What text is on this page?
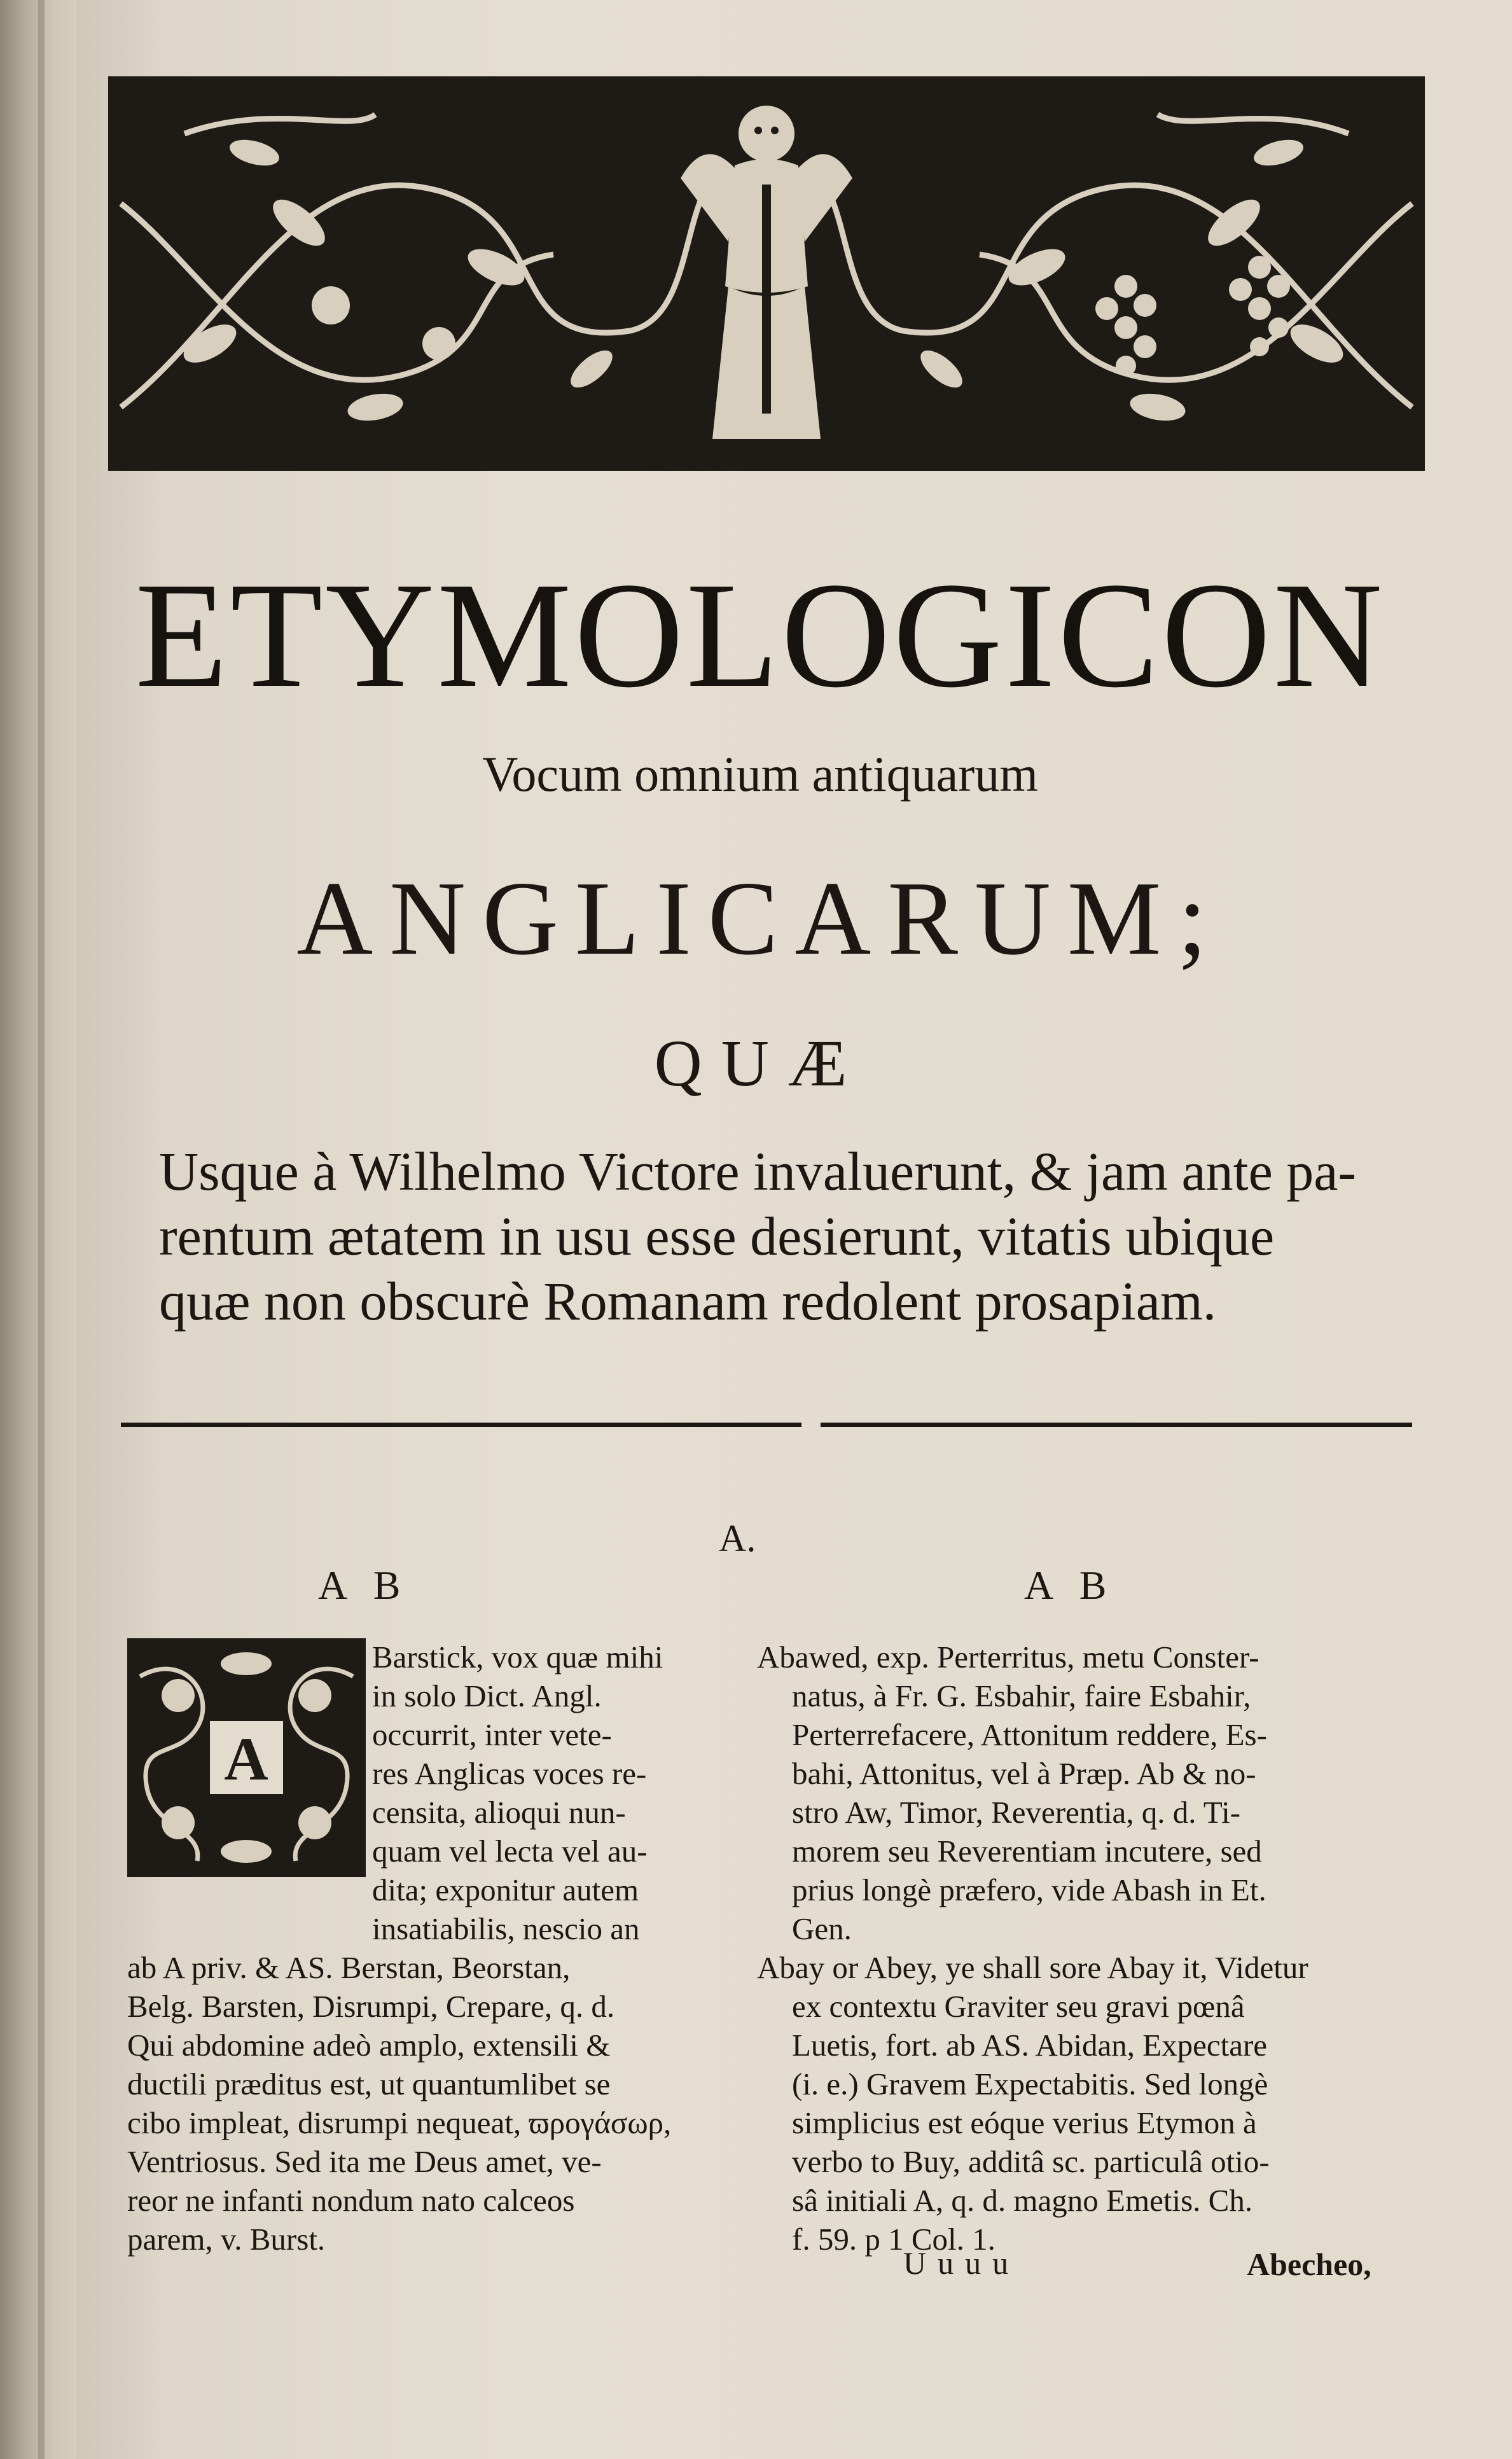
ETYMOLOGICON
Vocum omnium antiquarum
ANGLICARUM;
QUÆ
Usque à Wilhelmo Victore invaluerunt, & jam ante pa-
rentum ætatem in usu esse desierunt, vitatis ubique
quæ non obscurè Romanam redolent prosapiam.
A.
A B	A B
A
Barstick, vox quæ mihi
in solo Dict. Angl.
occurrit, inter vete-
res Anglicas voces re-
censita, alioqui nun-
quam vel lecta vel au-
dita; exponitur autem
insatiabilis, nescio an
ab A priv. & AS. Berstan, Beorstan,
Belg. Barsten, Disrumpi, Crepare, q. d.
Qui abdomine adeò amplo, extensili &
ductili præditus est, ut quantumlibet se
cibo impleat, disrumpi nequeat, ϖρογάσωρ,
Ventriosus. Sed ita me Deus amet, ve-
reor ne infanti nondum nato calceos
parem, v. Burst.
Abawed, exp. Perterritus, metu Conster-
natus, à Fr. G. Esbahir, faire Esbahir,
Perterrefacere, Attonitum reddere, Es-
bahi, Attonitus, vel à Præp. Ab & no-
stro Aw, Timor, Reverentia, q. d. Ti-
morem seu Reverentiam incutere, sed
prius longè præfero, vide Abash in Et.
Gen.
Abay or Abey, ye shall sore Abay it, Videtur
ex contextu Graviter seu gravi pœnâ
Luetis, fort. ab AS. Abidan, Expectare
(i. e.) Gravem Expectabitis. Sed longè
simplicius est eóque verius Etymon à
verbo to Buy, additâ sc. particulâ otio-
sâ initiali A, q. d. magno Emetis. Ch.
f. 59. p 1 Col. 1.
Uuuu	Abecheo,
